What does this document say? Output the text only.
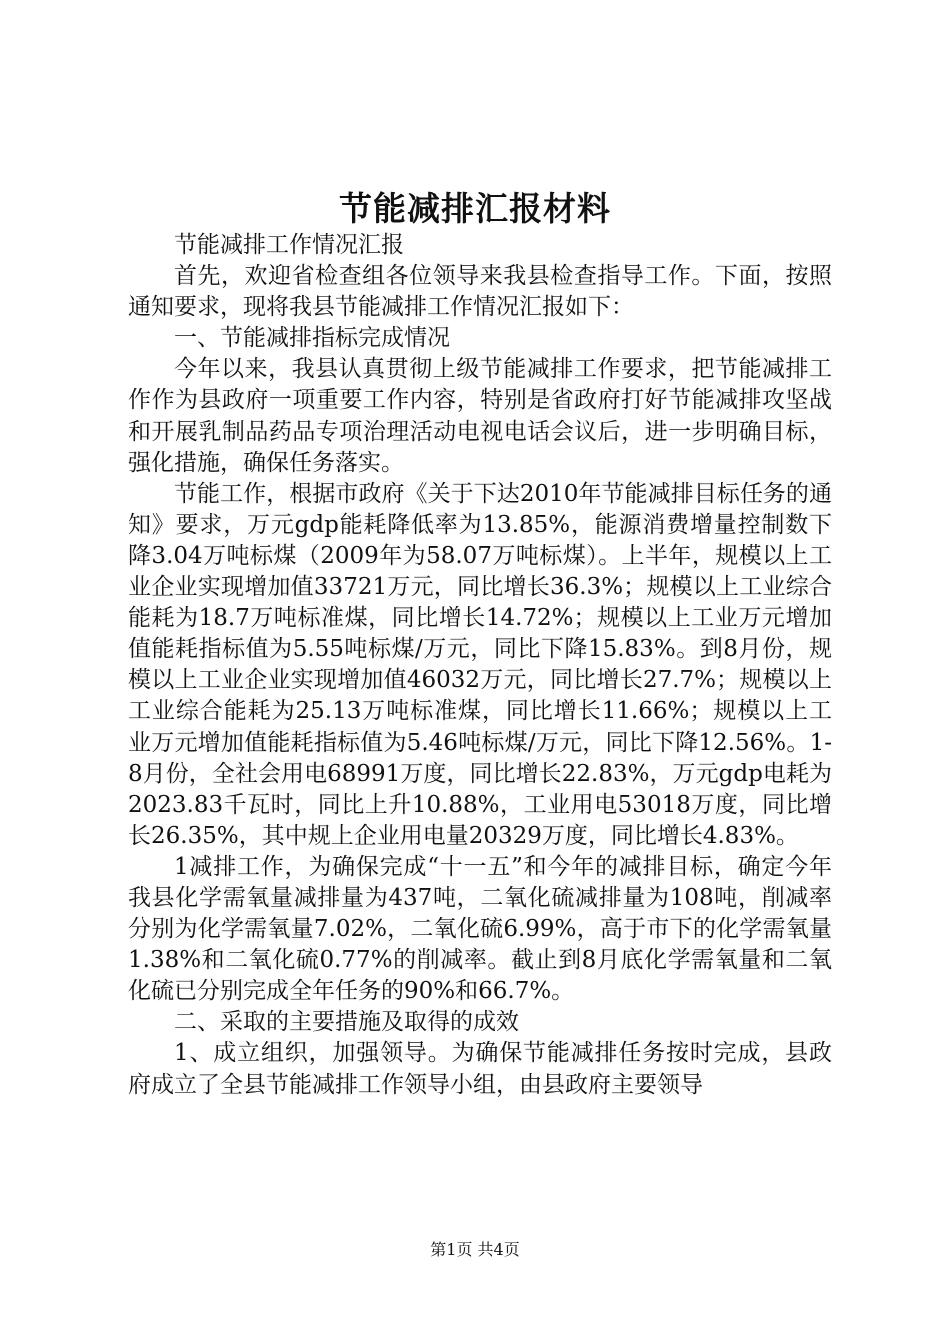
节能减排汇报材料

节能减排工作情况汇报

首先，欢迎省检查组各位领导来我县检查指导工作。下面，按照通知要求，现将我县节能减排工作情况汇报如下：

一、节能减排指标完成情况

今年以来，我县认真贯彻上级节能减排工作要求，把节能减排工作作为县政府一项重要工作内容，特别是省政府打好节能减排攻坚战和开展乳制品药品专项治理活动电视电话会议后，进一步明确目标，强化措施，确保任务落实。

节能工作，根据市政府《关于下达2010年节能减排目标任务的通知》要求，万元gdp能耗降低率为13.85%，能源消费增量控制数下降3.04万吨标煤（2009年为58.07万吨标煤）。上半年，规模以上工业企业实现增加值33721万元，同比增长36.3%；规模以上工业综合能耗为18.7万吨标准煤，同比增长14.72%；规模以上工业万元增加值能耗指标值为5.55吨标煤/万元，同比下降15.83%。到8月份，规模以上工业企业实现增加值46032万元，同比增长27.7%；规模以上工业综合能耗为25.13万吨标准煤，同比增长11.66%；规模以上工业万元增加值能耗指标值为5.46吨标煤/万元，同比下降12.56%。1-8月份，全社会用电68991万度，同比增长22.83%，万元gdp电耗为2023.83千瓦时，同比上升10.88%，工业用电53018万度，同比增长26.35%，其中规上企业用电量20329万度，同比增长4.83%。

1减排工作，为确保完成“十一五”和今年的减排目标，确定今年我县化学需氧量减排量为437吨，二氧化硫减排量为108吨，削减率分别为化学需氧量7.02%，二氧化硫6.99%，高于市下的化学需氧量1.38%和二氧化硫0.77%的削减率。截止到8月底化学需氧量和二氧化硫已分别完成全年任务的90%和66.7%。

二、采取的主要措施及取得的成效

1、成立组织，加强领导。为确保节能减排任务按时完成，县政府成立了全县节能减排工作领导小组，由县政府主要领导

第1页 共4页
